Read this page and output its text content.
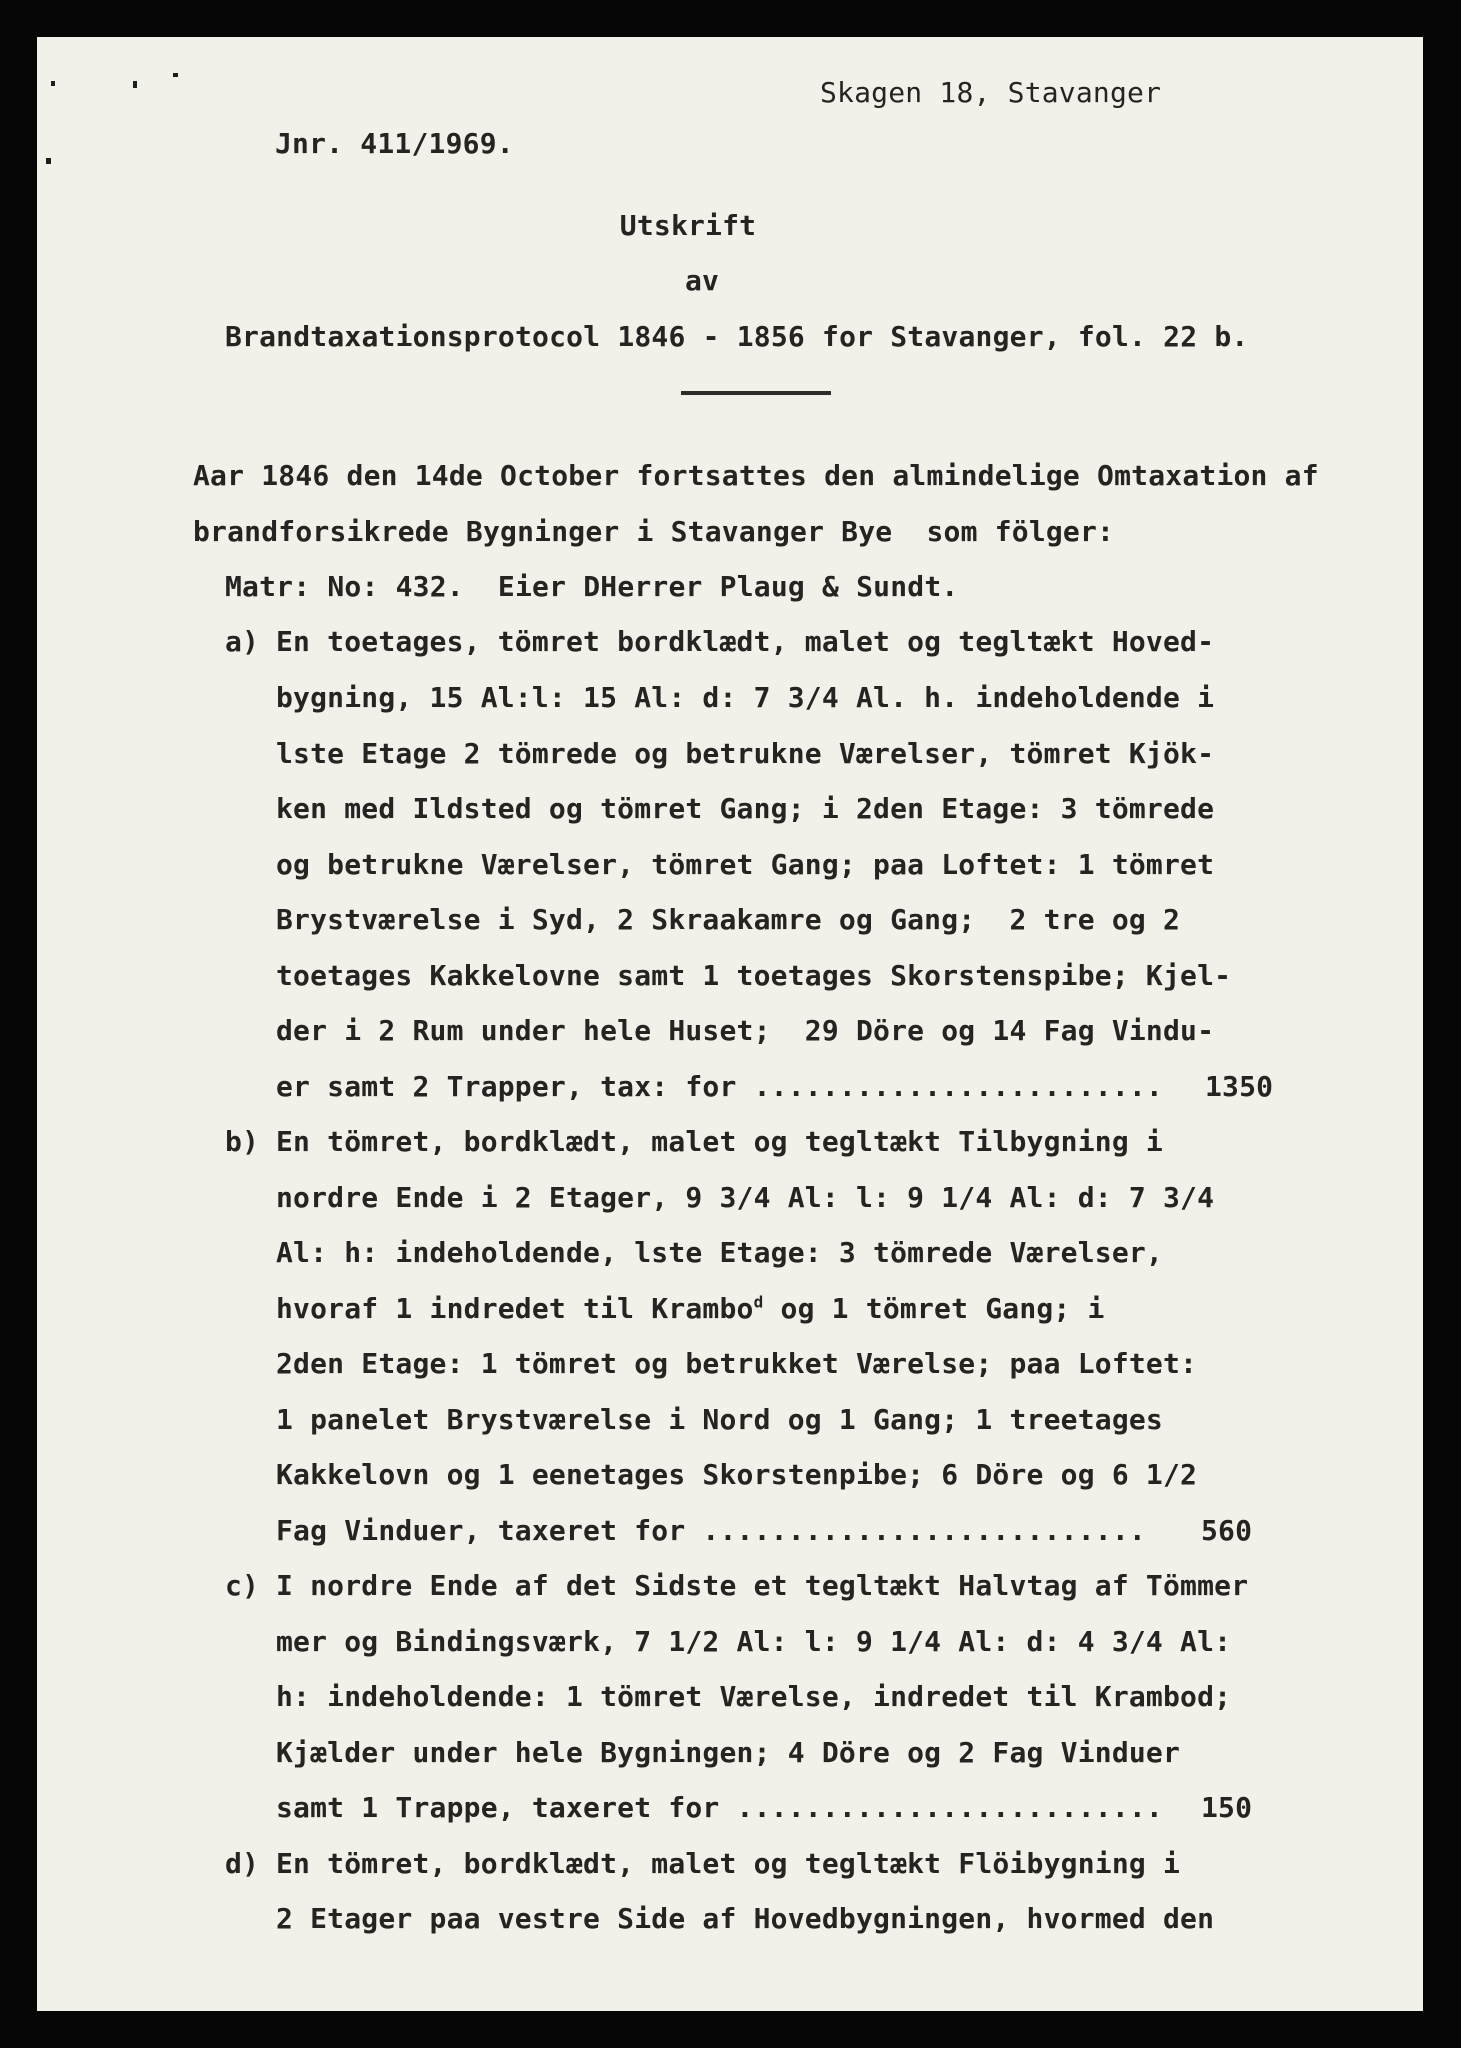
Skagen 18, Stavanger
Jnr. 411/1969.
Utskrift
av
Brandtaxationsprotocol 1846 - 1856 for Stavanger, fol. 22 b.
Aar 1846 den 14de October fortsattes den almindelige Omtaxation af
brandforsikrede Bygninger i Stavanger Bye  som fölger:
Matr: No: 432.  Eier DHerrer Plaug & Sundt.
a) En toetages, tömret bordklædt, malet og tegltækt Hoved-
bygning, 15 Al:l: 15 Al: d: 7 3/4 Al. h. indeholdende i
lste Etage 2 tömrede og betrukne Værelser, tömret Kjök-
ken med Ildsted og tömret Gang; i 2den Etage: 3 tömrede
og betrukne Værelser, tömret Gang; paa Loftet: 1 tömret
Brystværelse i Syd, 2 Skraakamre og Gang;  2 tre og 2
toetages Kakkelovne samt 1 toetages Skorstenspibe; Kjel-
der i 2 Rum under hele Huset;  29 Döre og 14 Fag Vindu-
er samt 2 Trapper, tax: for ........................ 1350
b) En tömret, bordklædt, malet og tegltækt Tilbygning i
nordre Ende i 2 Etager, 9 3/4 Al: l: 9 1/4 Al: d: 7 3/4
Al: h: indeholdende, lste Etage: 3 tömrede Værelser,
hvoraf 1 indredet til Krambo$^d$ og 1 tömret Gang; i
2den Etage: 1 tömret og betrukket Værelse; paa Loftet:
1 panelet Brystværelse i Nord og 1 Gang; 1 treetages
Kakkelovn og 1 eenetages Skorstenpibe; 6 Döre og 6 1/2
Fag Vinduer, taxeret for .......................... 560
c) I nordre Ende af det Sidste et tegltækt Halvtag af Tömmer
mer og Bindingsværk, 7 1/2 Al: l: 9 1/4 Al: d: 4 3/4 Al:
h: indeholdende: 1 tömret Værelse, indredet til Krambod;
Kjælder under hele Bygningen; 4 Döre og 2 Fag Vinduer
samt 1 Trappe, taxeret for ......................... 150
d) En tömret, bordklædt, malet og tegltækt Flöibygning i
2 Etager paa vestre Side af Hovedbygningen, hvormed den
